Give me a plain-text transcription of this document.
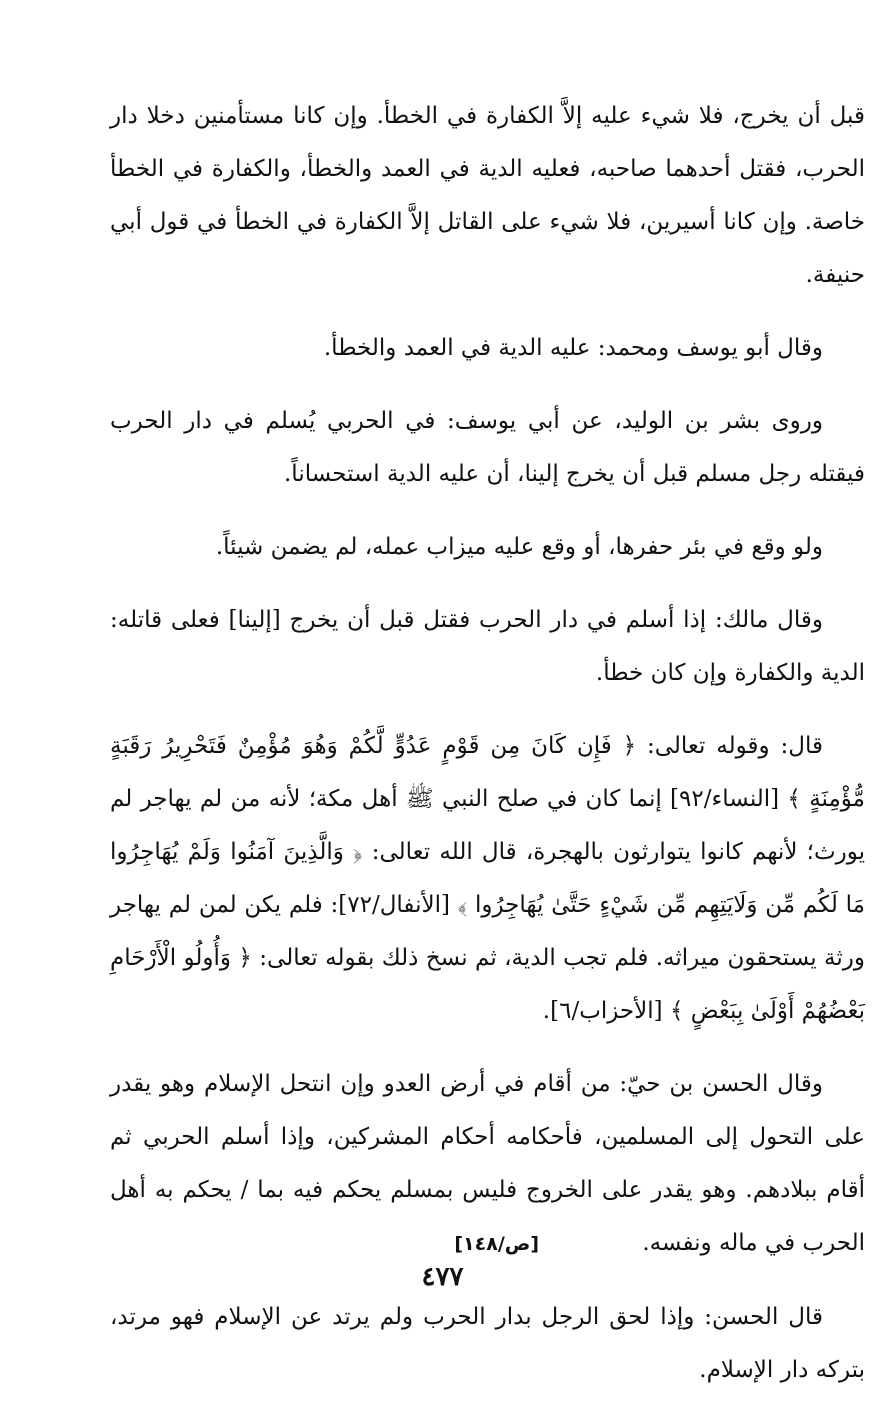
قبل أن يخرج، فلا شيء عليه إلاَّ الكفارة في الخطأ. وإن كانا مستأمنين دخلا دار الحرب، فقتل أحدهما صاحبه، فعليه الدية في العمد والخطأ، والكفارة في الخطأ خاصة. وإن كانا أسيرين، فلا شيء على القاتل إلاَّ الكفارة في الخطأ في قول أبي حنيفة.

وقال أبو يوسف ومحمد: عليه الدية في العمد والخطأ.

وروى بشر بن الوليد، عن أبي يوسف: في الحربي يُسلم في دار الحرب فيقتله رجل مسلم قبل أن يخرج إلينا، أن عليه الدية استحساناً.

ولو وقع في بئر حفرها، أو وقع عليه ميزاب عمله، لم يضمن شيئاً.

وقال مالك: إذا أسلم في دار الحرب فقتل قبل أن يخرج [إلينا] فعلى قاتله: الدية والكفارة وإن كان خطأ.

قال: وقوله تعالى: ﴿ فَإِن كَانَ مِن قَوْمٍ عَدُوٍّ لَّكُمْ وَهُوَ مُؤْمِنٌ فَتَحْرِيرُ رَقَبَةٍ مُّؤْمِنَةٍ ﴾ [النساء/٩٢] إنما كان في صلح النبي ﷺ أهل مكة؛ لأنه من لم يهاجر لم يورث؛ لأنهم كانوا يتوارثون بالهجرة، قال الله تعالى: ﴿ وَالَّذِينَ آمَنُوا وَلَمْ يُهَاجِرُوا مَا لَكُم مِّن وَلَايَتِهِم مِّن شَيْءٍ حَتَّىٰ يُهَاجِرُوا ﴾ [الأنفال/٧٢]: فلم يكن لمن لم يهاجر ورثة يستحقون ميراثه. فلم تجب الدية، ثم نسخ ذلك بقوله تعالى: ﴿ وَأُولُو الْأَرْحَامِ بَعْضُهُمْ أَوْلَىٰ بِبَعْضٍ ﴾ [الأحزاب/٦].

وقال الحسن بن حيّ: من أقام في أرض العدو وإن انتحل الإسلام وهو يقدر على التحول إلى المسلمين، فأحكامه أحكام المشركين، وإذا أسلم الحربي ثم أقام ببلادهم. وهو يقدر على الخروج فليس بمسلم يحكم فيه بما / يحكم به أهل الحرب في ماله ونفسه. [ص/١٤٨]

قال الحسن: وإذا لحق الرجل بدار الحرب ولم يرتد عن الإسلام فهو مرتد، بتركه دار الإسلام.

٤٧٧
